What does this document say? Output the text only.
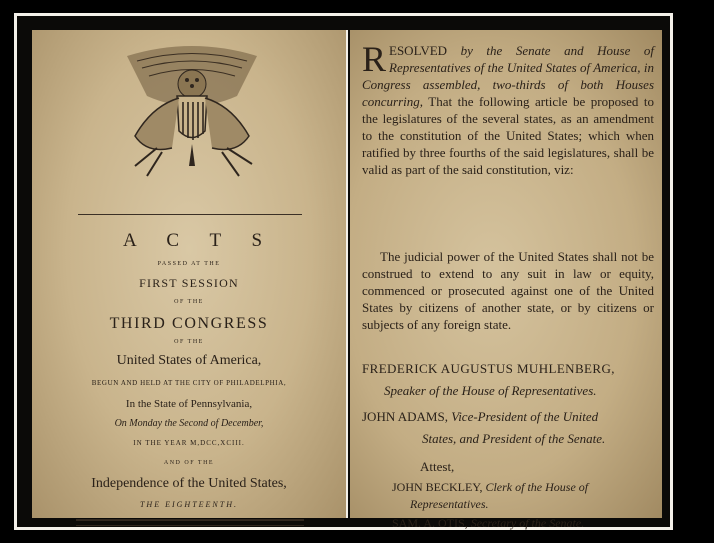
A C T S
PASSED AT THE
FIRST SESSION
OF THE
THIRD CONGRESS
OF THE
United States of America,
BEGUN AND HELD AT THE CITY OF PHILADELPHIA,
In the State of Pennsylvania,
On Monday the Second of December,
IN THE YEAR M,DCC,XCIII.
AND OF THE
Independence of the United States,
THE EIGHTEENTH.
RESOLVED by the Senate and House of Representatives of the United States of America, in Congress assembled, two-thirds of both Houses concurring, That the following article be proposed to the legislatures of the several states, as an amendment to the constitution of the United States; which when ratified by three fourths of the said legislatures, shall be valid as part of the said constitution, viz:
The judicial power of the United States shall not be construed to extend to any suit in law or equity, commenced or prosecuted against one of the United States by citizens of another state, or by citizens or subjects of any foreign state.
FREDERICK AUGUSTUS MUHLENBERG,
Speaker of the House of Representatives.
JOHN ADAMS, Vice-President of the United
States, and President of the Senate.
Attest,
JOHN BECKLEY, Clerk of the House of
Representatives.
SAM. A. OTIS, Secretary of the Senate.
